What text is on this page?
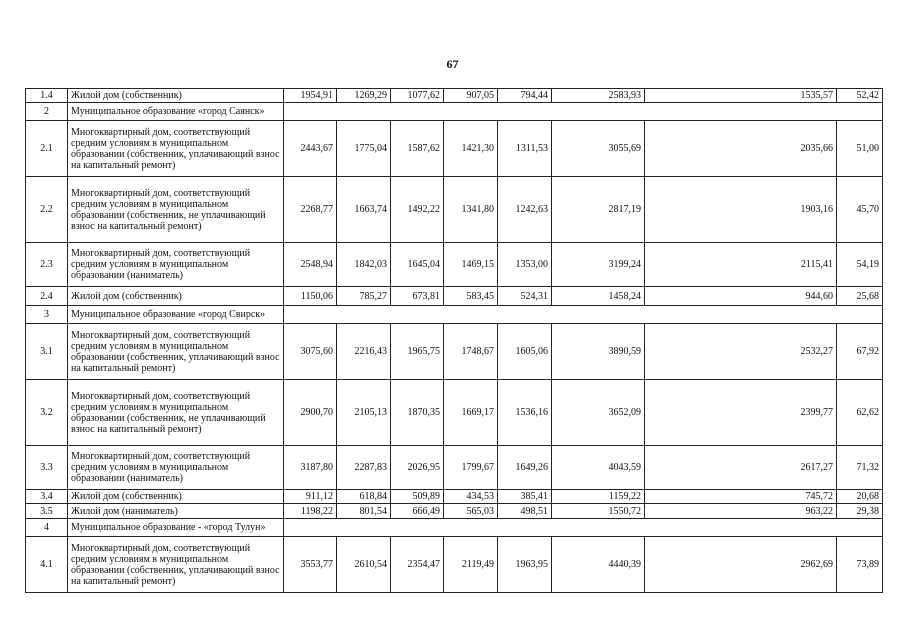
67
1.4	Жилой дом (собственник)	1954,91	1269,29	1077,62	907,05	794,44	2583,93	1535,57	52,42
2	Муниципальное образование «город Саянск»								
2.1	Многоквартирный дом, соответствующий средним условиям в муниципальном образовании (собственник, уплачивающий взнос на капитальный ремонт)	2443,67	1775,04	1587,62	1421,30	1311,53	3055,69	2035,66	51,00
2.2	Многоквартирный дом, соответствующий средним условиям в муниципальном образовании (собственник, не уплачивающий взнос на капитальный ремонт)	2268,77	1663,74	1492,22	1341,80	1242,63	2817,19	1903,16	45,70
2.3	Многоквартирный дом, соответствующий средним условиям в муниципальном образовании (наниматель)	2548,94	1842,03	1645,04	1469,15	1353,00	3199,24	2115,41	54,19
2.4	Жилой дом (собственник)	1150,06	785,27	673,81	583,45	524,31	1458,24	944,60	25,68
3	Муниципальное образование «город Свирск»								
3.1	Многоквартирный дом, соответствующий средним условиям в муниципальном образовании (собственник, уплачивающий взнос на капитальный ремонт)	3075,60	2216,43	1965,75	1748,67	1605,06	3890,59	2532,27	67,92
3.2	Многоквартирный дом, соответствующий средним условиям в муниципальном образовании (собственник, не уплачивающий взнос на капитальный ремонт)	2900,70	2105,13	1870,35	1669,17	1536,16	3652,09	2399,77	62,62
3.3	Многоквартирный дом, соответствующий средним условиям в муниципальном образовании (наниматель)	3187,80	2287,83	2026,95	1799,67	1649,26	4043,59	2617,27	71,32
3.4	Жилой дом (собственник)	911,12	618,84	509,89	434,53	385,41	1159,22	745,72	20,68
3.5	Жилой дом (наниматель)	1198,22	801,54	666,49	565,03	498,51	1550,72	963,22	29,38
4	Муниципальное образование - «город Тулун»								
4.1	Многоквартирный дом, соответствующий средним условиям в муниципальном образовании (собственник, уплачивающий взнос на капитальный ремонт)	3553,77	2610,54	2354,47	2119,49	1963,95	4440,39	2962,69	73,89
